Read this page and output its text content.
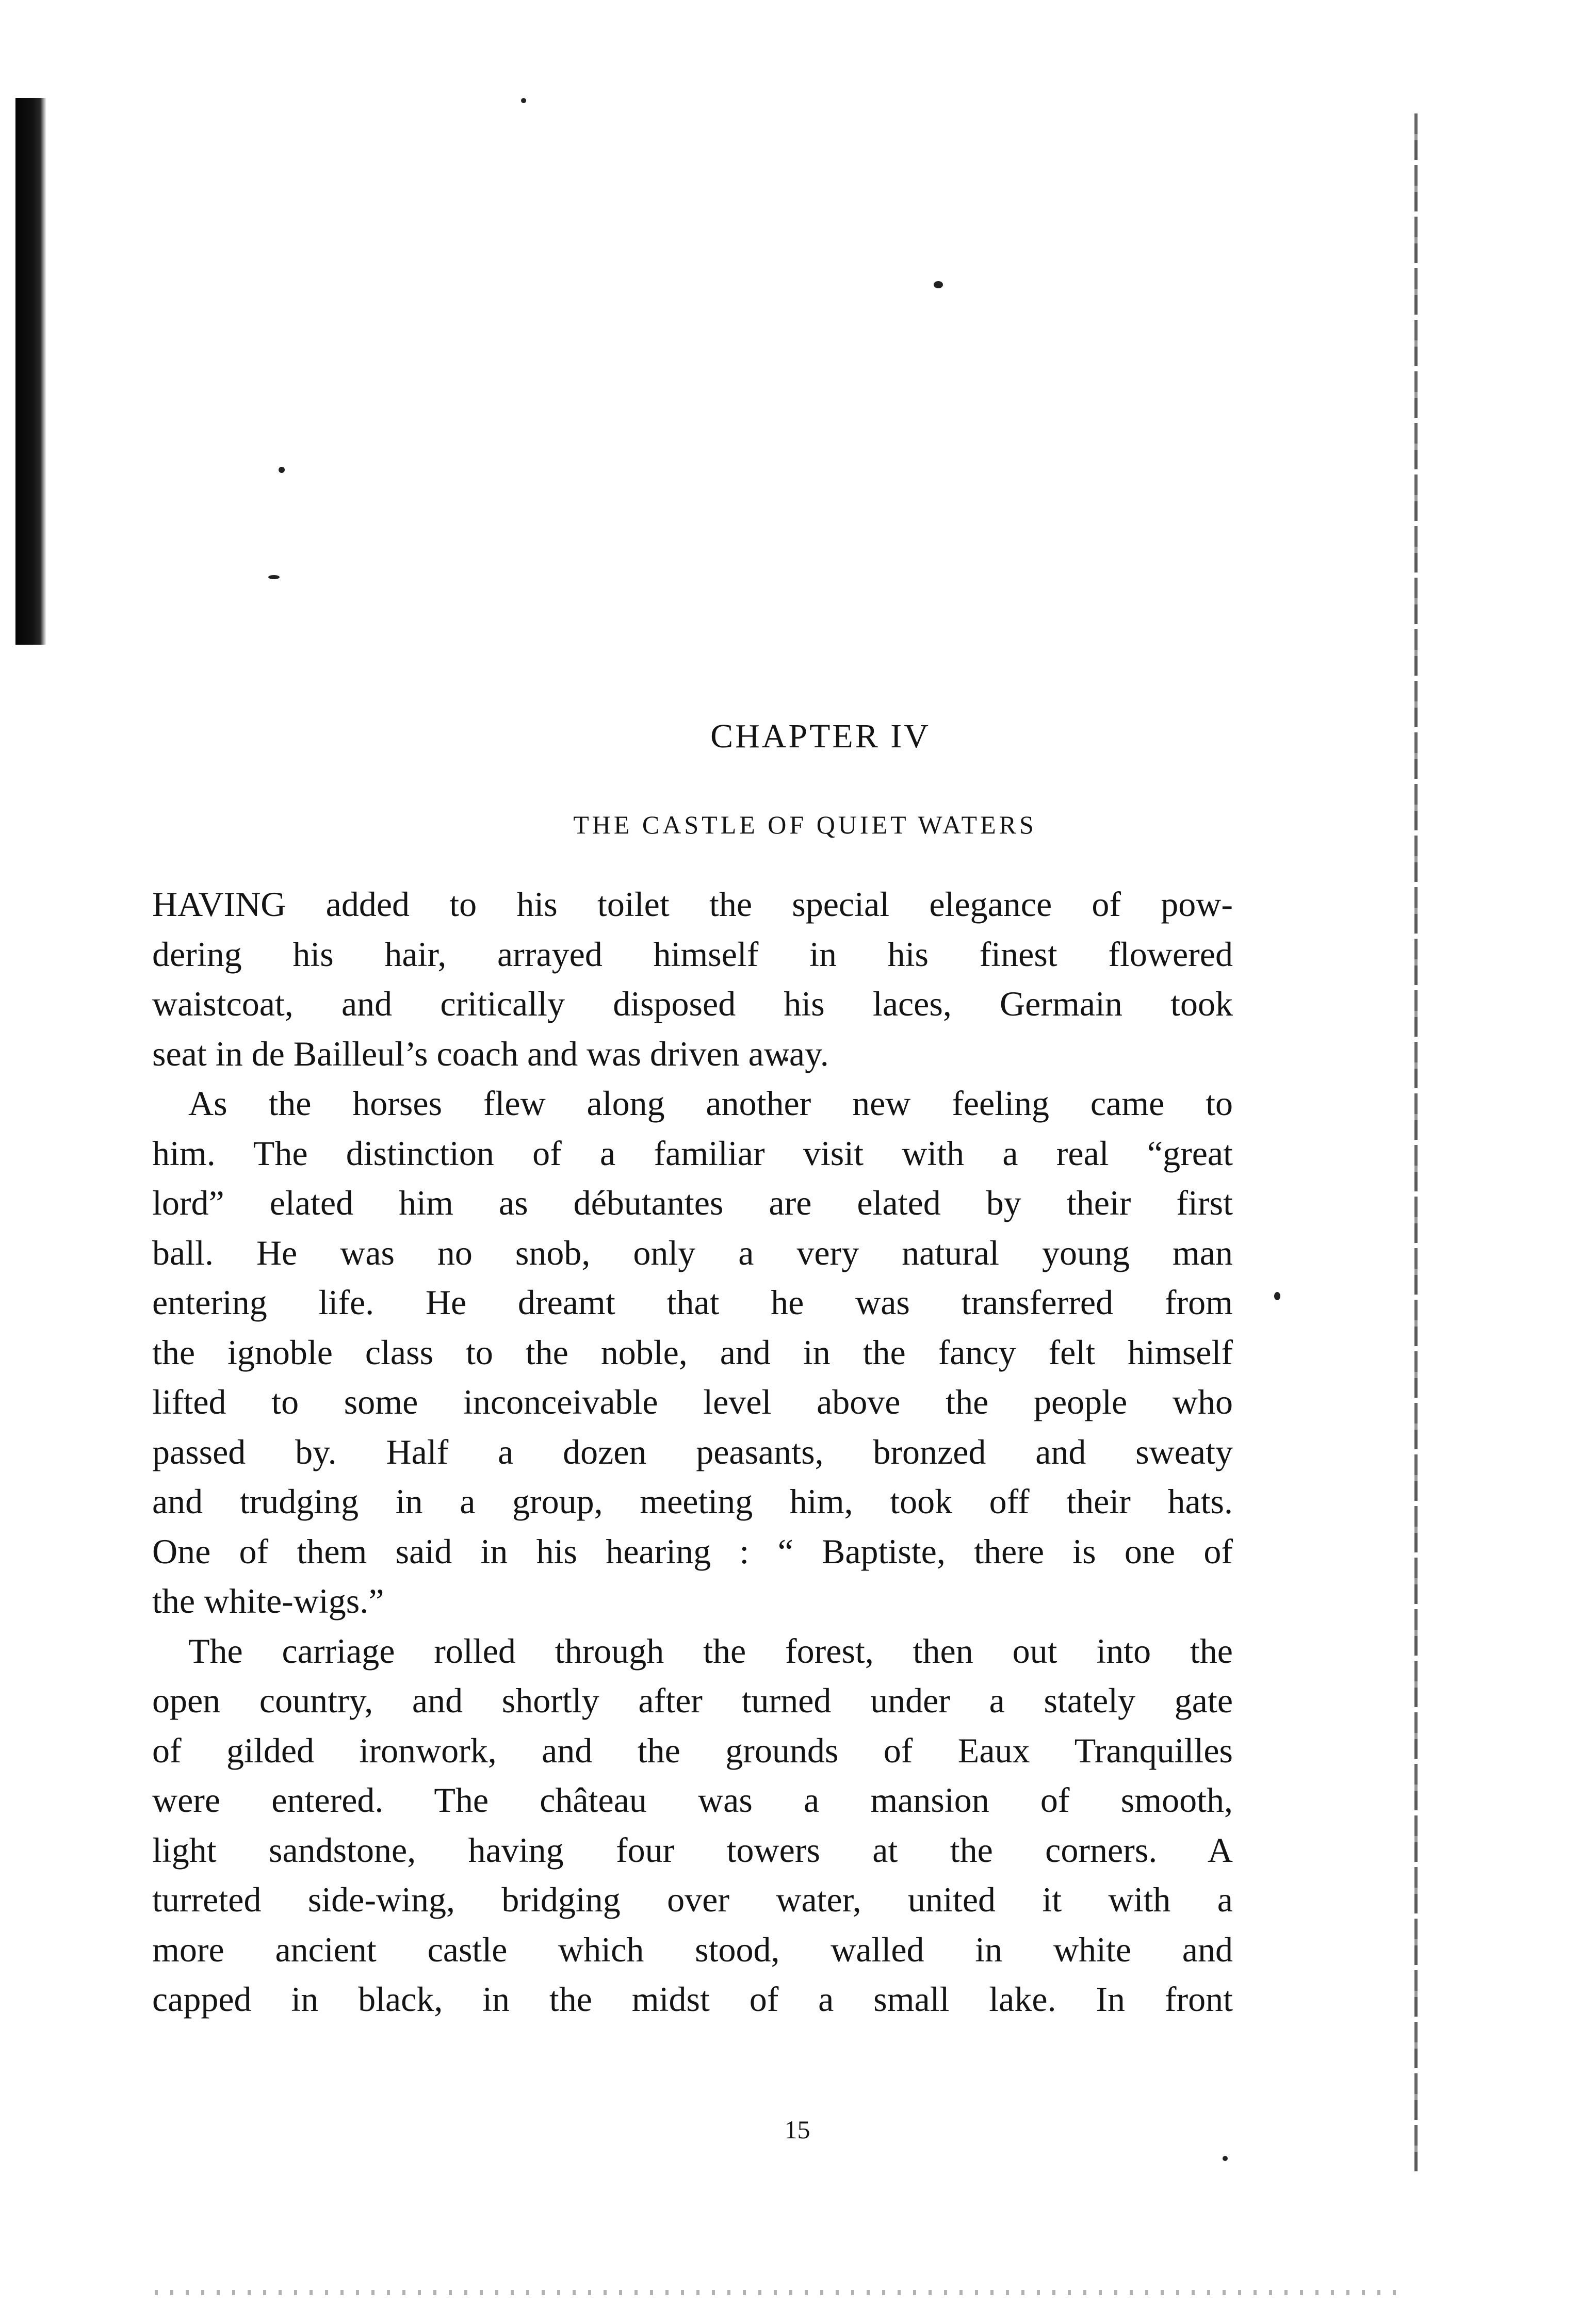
CHAPTER IV
THE CASTLE OF QUIET WATERS
HAVING added to his toilet the special elegance of pow-
dering his hair, arrayed himself in his finest flowered
waistcoat, and critically disposed his laces, Germain took
seat in de Bailleul’s coach and was driven away.
As the horses flew along another new feeling came to
him. The distinction of a familiar visit with a real “great
lord” elated him as débutantes are elated by their first
ball. He was no snob, only a very natural young man
entering life. He dreamt that he was transferred from
the ignoble class to the noble, and in the fancy felt himself
lifted to some inconceivable level above the people who
passed by. Half a dozen peasants, bronzed and sweaty
and trudging in a group, meeting him, took off their hats.
One of them said in his hearing : “ Baptiste, there is one of
the white-wigs.”
The carriage rolled through the forest, then out into the
open country, and shortly after turned under a stately gate
of gilded ironwork, and the grounds of Eaux Tranquilles
were entered. The château was a mansion of smooth,
light sandstone, having four towers at the corners. A
turreted side-wing, bridging over water, united it with a
more ancient castle which stood, walled in white and
capped in black, in the midst of a small lake. In front
15
